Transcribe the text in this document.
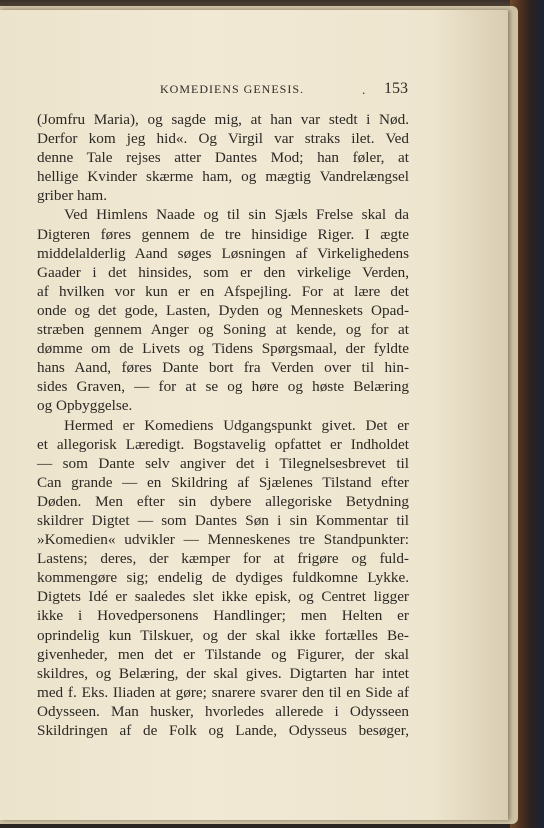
KOMEDIENS GENESIS.	. 153
(Jomfru Maria), og sagde mig, at han var stedt i Nød.
Derfor kom jeg hid«. Og Virgil var straks ilet. Ved
denne Tale rejses atter Dantes Mod; han føler, at
hellige Kvinder skærme ham, og mægtig Vandrelængsel
griber ham.
Ved Himlens Naade og til sin Sjæls Frelse skal da
Digteren føres gennem de tre hinsidige Riger. I ægte
middelalderlig Aand søges Løsningen af Virkelighedens
Gaader i det hinsides, som er den virkelige Verden,
af hvilken vor kun er en Afspejling. For at lære det
onde og det gode, Lasten, Dyden og Menneskets Opad-
stræben gennem Anger og Soning at kende, og for at
dømme om de Livets og Tidens Spørgsmaal, der fyldte
hans Aand, føres Dante bort fra Verden over til hin-
sides Graven, — for at se og høre og høste Belæring
og Opbyggelse.
Hermed er Komediens Udgangspunkt givet. Det er
et allegorisk Læredigt. Bogstavelig opfattet er Indholdet
— som Dante selv angiver det i Tilegnelsesbrevet til
Can grande — en Skildring af Sjælenes Tilstand efter
Døden. Men efter sin dybere allegoriske Betydning
skildrer Digtet — som Dantes Søn i sin Kommentar til
»Komedien« udvikler — Menneskenes tre Standpunkter:
Lastens; deres, der kæmper for at frigøre og fuld-
kommengøre sig; endelig de dydiges fuldkomne Lykke.
Digtets Idé er saaledes slet ikke episk, og Centret ligger
ikke i Hovedpersonens Handlinger; men Helten er
oprindelig kun Tilskuer, og der skal ikke fortælles Be-
givenheder, men det er Tilstande og Figurer, der skal
skildres, og Belæring, der skal gives. Digtarten har intet
med f. Eks. Iliaden at gøre; snarere svarer den til en Side af
Odysseen. Man husker, hvorledes allerede i Odysseen
Skildringen af de Folk og Lande, Odysseus besøger,
